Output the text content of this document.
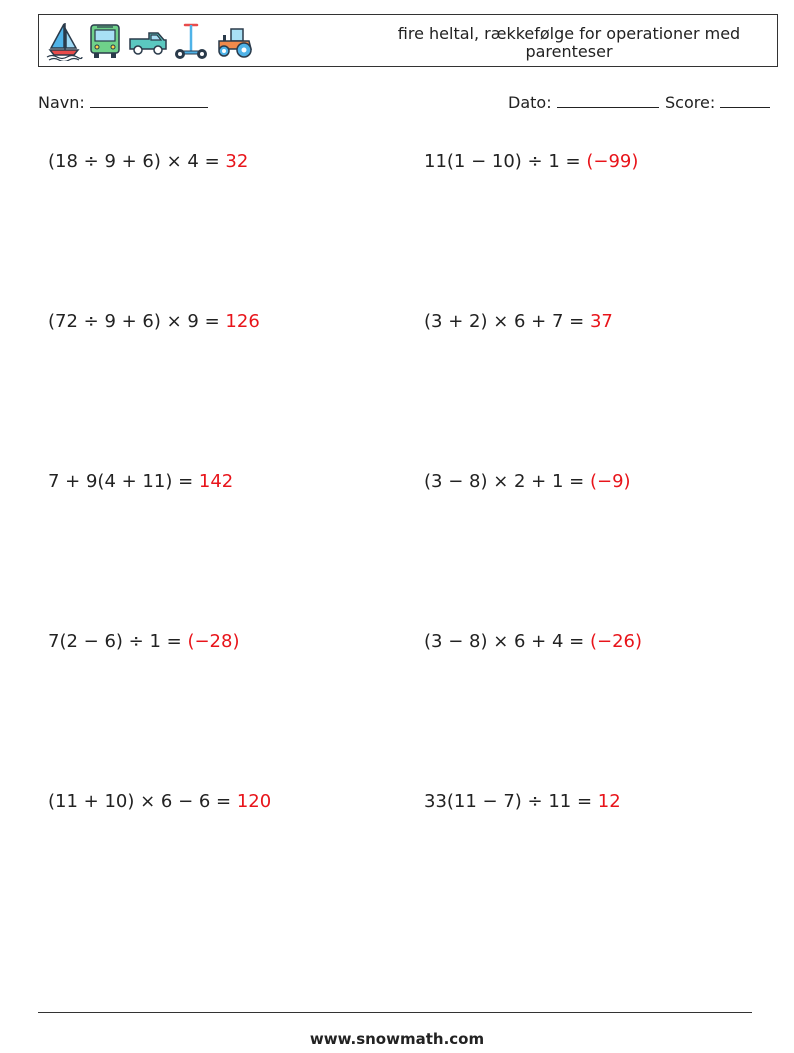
fire heltal, rækkefølge for operationer med parenteser
Navn:	Dato:	Score:
(18 ÷ 9 + 6) × 4 = 32	11(1 − 10) ÷ 1 = (−99)
(72 ÷ 9 + 6) × 9 = 126	(3 + 2) × 6 + 7 = 37
7 + 9(4 + 11) = 142	(3 − 8) × 2 + 1 = (−9)
7(2 − 6) ÷ 1 = (−28)	(3 − 8) × 6 + 4 = (−26)
(11 + 10) × 6 − 6 = 120	33(11 − 7) ÷ 11 = 12
www.snowmath.com
